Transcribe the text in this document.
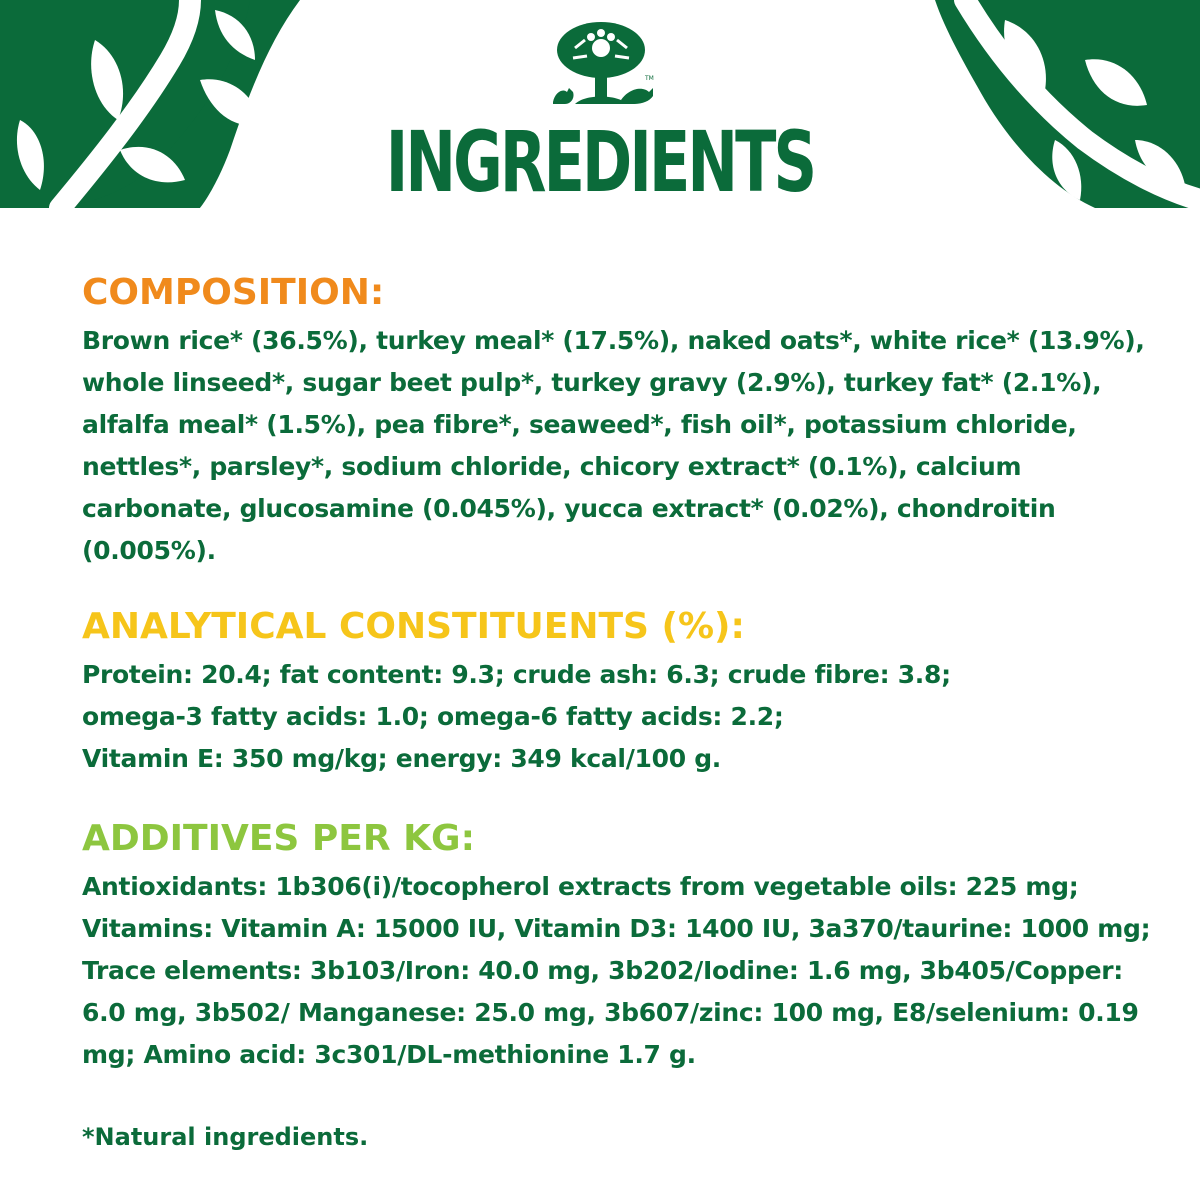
TM
INGREDIENTS
COMPOSITION:

Brown rice* (36.5%), turkey meal* (17.5%), naked oats*, white rice* (13.9%), whole linseed*, sugar beet pulp*, turkey gravy (2.9%), turkey fat* (2.1%), alfalfa meal* (1.5%), pea fibre*, seaweed*, fish oil*, potassium chloride, nettles*, parsley*, sodium chloride, chicory extract* (0.1%), calcium carbonate, glucosamine (0.045%), yucca extract* (0.02%), chondroitin (0.005%).

ANALYTICAL CONSTITUENTS (%):
Protein: 20.4; fat content: 9.3; crude ash: 6.3; crude fibre: 3.8;
omega-3 fatty acids: 1.0; omega-6 fatty acids: 2.2;
Vitamin E: 350 mg/kg; energy: 349 kcal/100 g.
ADDITIVES PER KG:

Antioxidants: 1b306(i)/tocopherol extracts from vegetable oils: 225 mg; Vitamins: Vitamin A: 15000 IU, Vitamin D3: 1400 IU, 3a370/taurine: 1000 mg; Trace elements: 3b103/Iron: 40.0 mg, 3b202/Iodine: 1.6 mg, 3b405/Copper: 6.0 mg, 3b502/ Manganese: 25.0 mg, 3b607/zinc: 100 mg, E8/selenium: 0.19 mg; Amino acid: 3c301/DL-methionine 1.7 g.

*Natural ingredients.
